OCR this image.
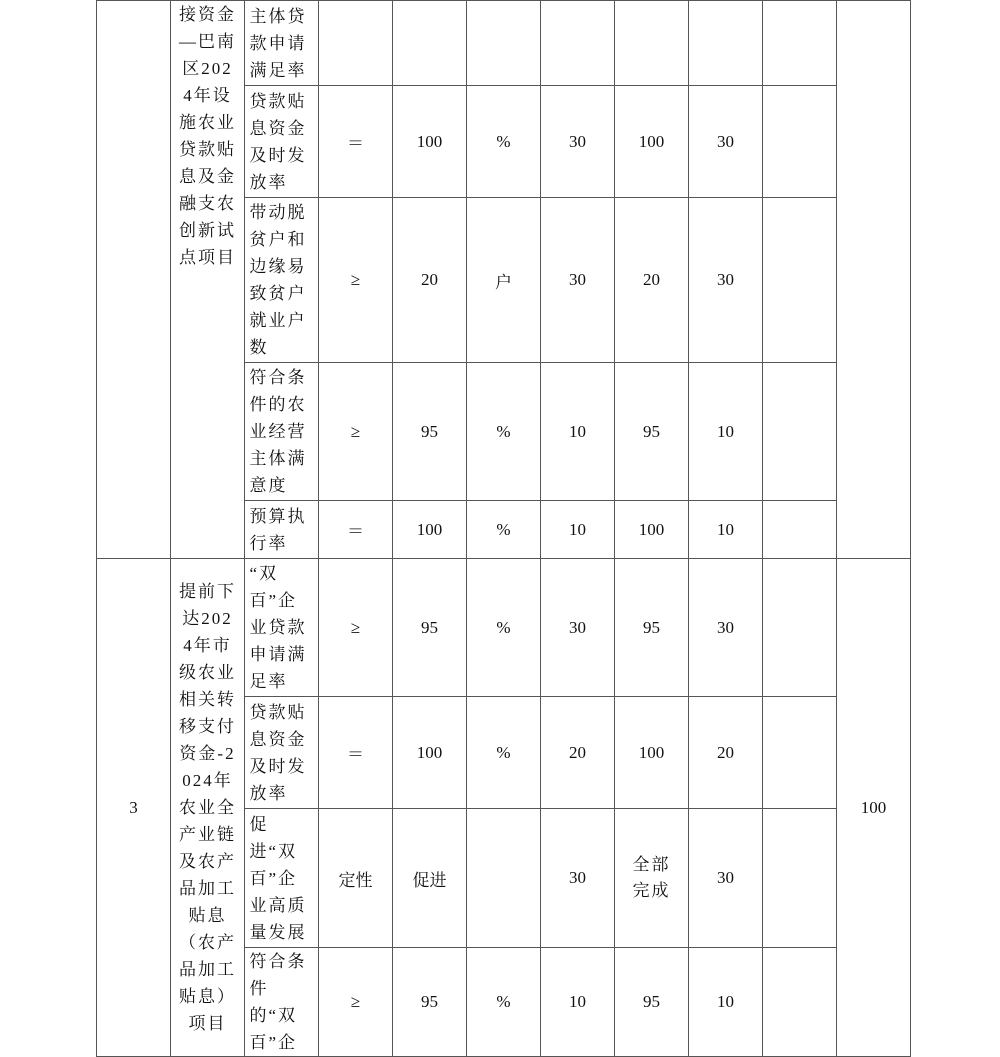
	接资金—巴南区2024年设施农业贷款贴息及金融支农创新试点项目	主体贷款申请满足率								

		贷款贴息资金及时发放率	＝	100	%	30	100	30		

		带动脱贫户和边缘易致贫户就业户数	≥	20	户	30	20	30		

		符合条件的农业经营主体满意度	≥	95	%	10	95	10		

		预算执行率	＝	100	%	10	100	10		
3	提前下达2024年市级农业相关转移支付资金-2024年农业全产业链及农产品加工贴息（农产品加工贴息）项目	“双百”企业贷款申请满足率	≥	95	%	30	95	30		100

		贷款贴息资金及时发放率	＝	100	%	20	100	20		

		促进“双百”企业高质量发展	定性	促进		30	全部完成	30		

		符合条件的“双百”企	≥	95	%	10	95	10		
